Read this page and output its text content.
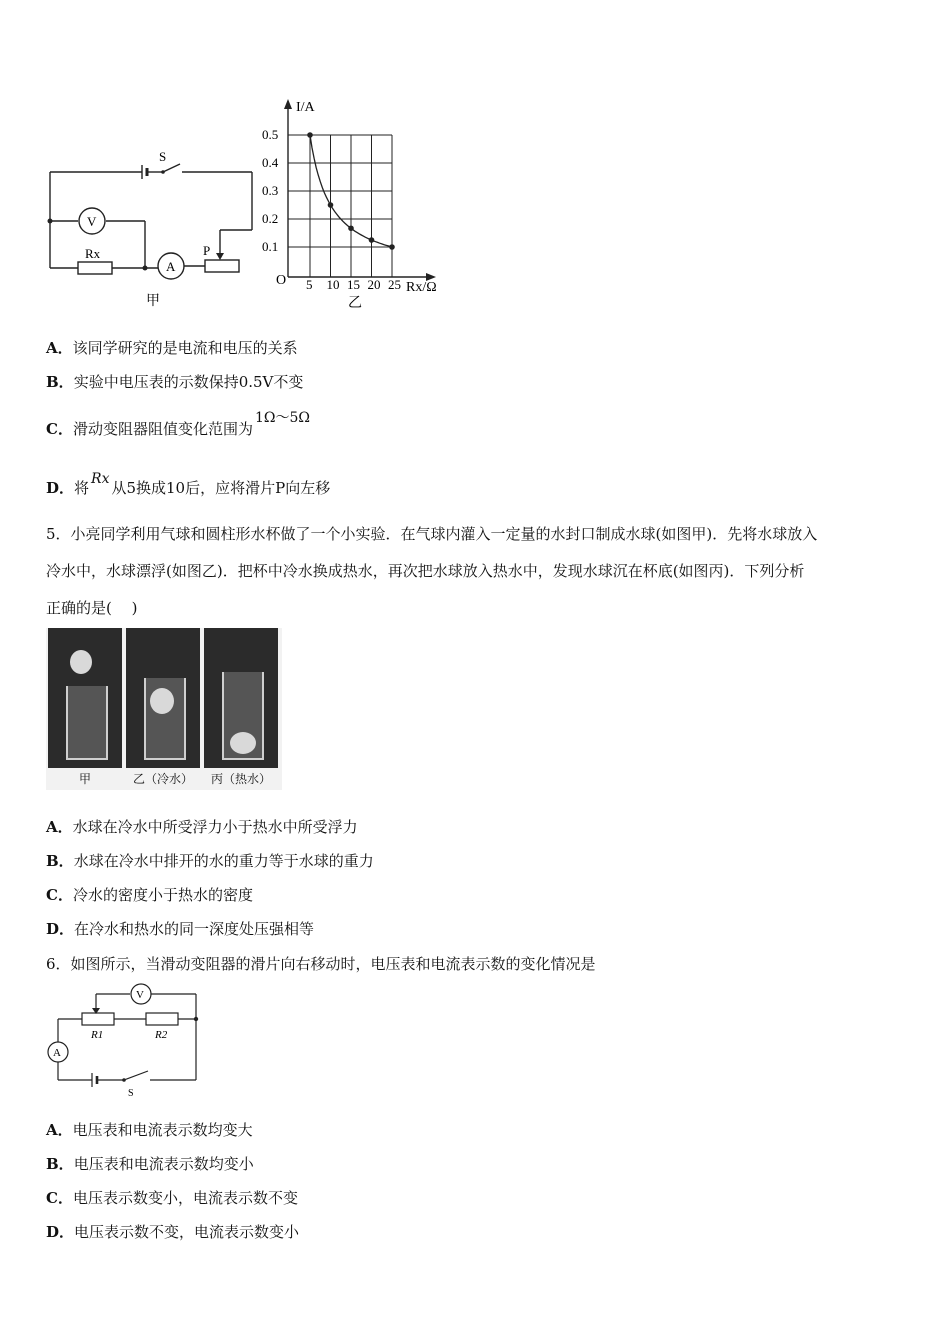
S
V
Rx
A
P
甲
5 10 15 20 25
0.1
0.2
0.3
0.4
0.5
O
I/A
Rx/Ω
乙
A．该同学研究的是电流和电压的关系
B．实验中电压表的示数保持0.5V不变
C．滑动变阻器阻值变化范围为1Ω～5Ω
D．将 Rx 从5换成10后，应将滑片P向左移
5．小亮同学利用气球和圆柱形水杯做了一个小实验．在气球内灌入一定量的水封口制成水球(如图甲)．先将水球放入
冷水中，水球漂浮(如图乙)．把杯中冷水换成热水，再次把水球放入热水中，发现水球沉在杯底(如图丙)．下列分析
正确的是(　 )
甲	乙（冷水）	丙（热水）
A．水球在冷水中所受浮力小于热水中所受浮力
B．水球在冷水中排开的水的重力等于水球的重力
C．冷水的密度小于热水的密度
D．在冷水和热水的同一深度处压强相等
6．如图所示，当滑动变阻器的滑片向右移动时，电压表和电流表示数的变化情况是
V
A
R1	R2
S
A．电压表和电流表示数均变大
B．电压表和电流表示数均变小
C．电压表示数变小，电流表示数不变
D．电压表示数不变，电流表示数变小
